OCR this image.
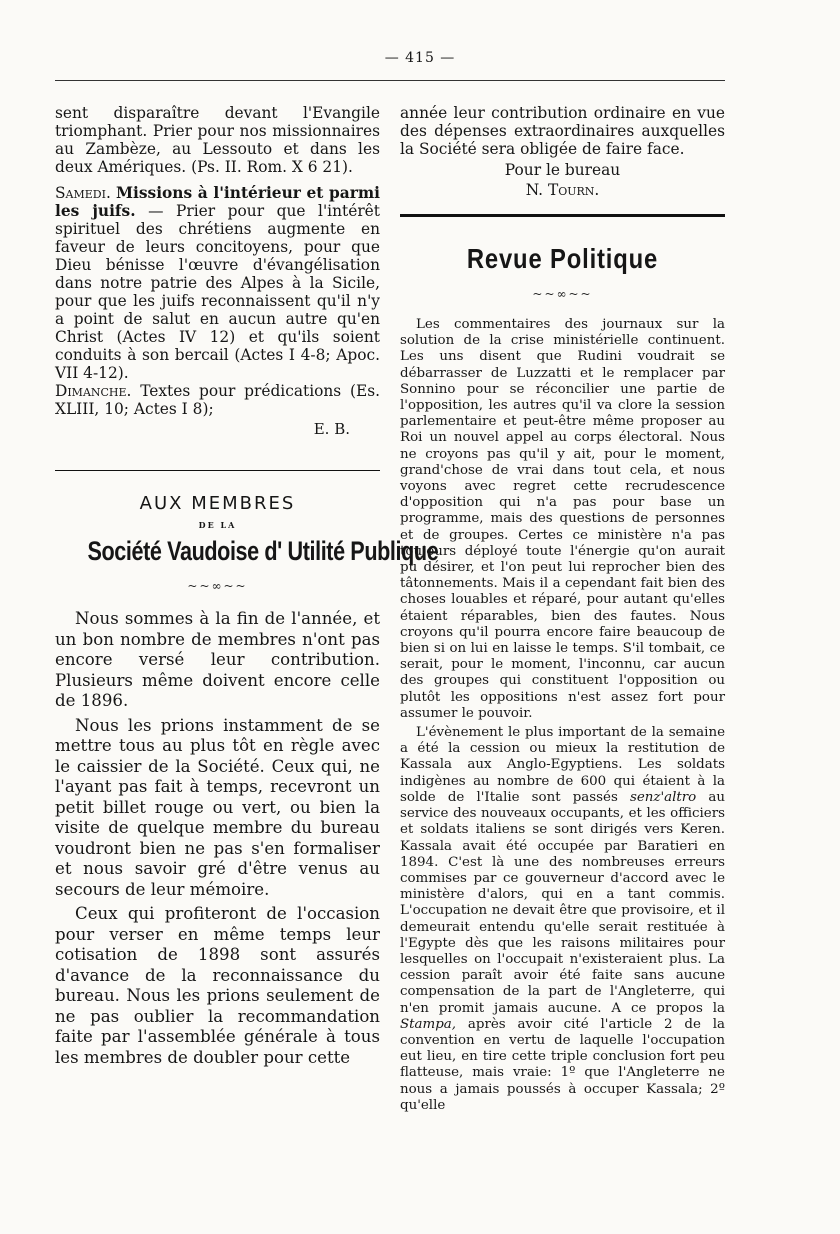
— 415 —

sent disparaître devant l'Evangile triomphant. Prier pour nos missionnaires au Zambèze, au Lessouto et dans les deux Amériques. (Ps. II. Rom. X 6 21).

Samedi. Missions à l'intérieur et parmi les juifs. — Prier pour que l'intérêt spirituel des chrétiens augmente en faveur de leurs concitoyens, pour que Dieu bénisse l'œuvre d'évangélisation dans notre patrie des Alpes à la Sicile, pour que les juifs reconnaissent qu'il n'y a point de salut en aucun autre qu'en Christ (Actes IV 12) et qu'ils soient conduits à son bercail (Actes I 4-8; Apoc. VII 4-12).

Dimanche. Textes pour prédications (Es. XLIII, 10; Actes I 8);

E. B.
AUX MEMBRES
DE LA
Société Vaudoise d' Utilité Publique
~~∞~~

Nous sommes à la fin de l'année, et un bon nombre de membres n'ont pas encore versé leur contribution. Plusieurs même doivent encore celle de 1896.

Nous les prions instamment de se mettre tous au plus tôt en règle avec le caissier de la Société. Ceux qui, ne l'ayant pas fait à temps, recevront un petit billet rouge ou vert, ou bien la visite de quelque membre du bureau voudront bien ne pas s'en formaliser et nous savoir gré d'être venus au secours de leur mémoire.

Ceux qui profiteront de l'occasion pour verser en même temps leur cotisation de 1898 sont assurés d'avance de la reconnaissance du bureau. Nous les prions seulement de ne pas oublier la recommandation faite par l'assemblée générale à tous les membres de doubler pour cette

année leur contribution ordinaire en vue des dépenses extraordinaires auxquelles la Société sera obligée de faire face.

Pour le bureau
N. Tourn.
Revue Politique
~~∞~~

Les commentaires des journaux sur la solution de la crise ministérielle continuent. Les uns disent que Rudini voudrait se débarrasser de Luzzatti et le remplacer par Sonnino pour se réconcilier une partie de l'opposition, les autres qu'il va clore la session parlementaire et peut-être même proposer au Roi un nouvel appel au corps électoral. Nous ne croyons pas qu'il y ait, pour le moment, grand'chose de vrai dans tout cela, et nous voyons avec regret cette recrudescence d'opposition qui n'a pas pour base un programme, mais des questions de personnes et de groupes. Certes ce ministère n'a pas toujours déployé toute l'énergie qu'on aurait pu désirer, et l'on peut lui reprocher bien des tâtonnements. Mais il a cependant fait bien des choses louables et réparé, pour autant qu'elles étaient réparables, bien des fautes. Nous croyons qu'il pourra encore faire beaucoup de bien si on lui en laisse le temps. S'il tombait, ce serait, pour le moment, l'inconnu, car aucun des groupes qui constituent l'opposition ou plutôt les oppositions n'est assez fort pour assumer le pouvoir.

L'évènement le plus important de la semaine a été la cession ou mieux la restitution de Kassala aux Anglo-Egyptiens. Les soldats indigènes au nombre de 600 qui étaient à la solde de l'Italie sont passés senz'altro au service des nouveaux occupants, et les officiers et soldats italiens se sont dirigés vers Keren. Kassala avait été occupée par Baratieri en 1894. C'est là une des nombreuses erreurs commises par ce gouverneur d'accord avec le ministère d'alors, qui en a tant commis. L'occupation ne devait être que provisoire, et il demeurait entendu qu'elle serait restituée à l'Egypte dès que les raisons militaires pour lesquelles on l'occupait n'existeraient plus. La cession paraît avoir été faite sans aucune compensation de la part de l'Angleterre, qui n'en promit jamais aucune. A ce propos la Stampa, après avoir cité l'article 2 de la convention en vertu de laquelle l'occupation eut lieu, en tire cette triple conclusion fort peu flatteuse, mais vraie: 1º que l'Angleterre ne nous a jamais poussés à occuper Kassala; 2º qu'elle
